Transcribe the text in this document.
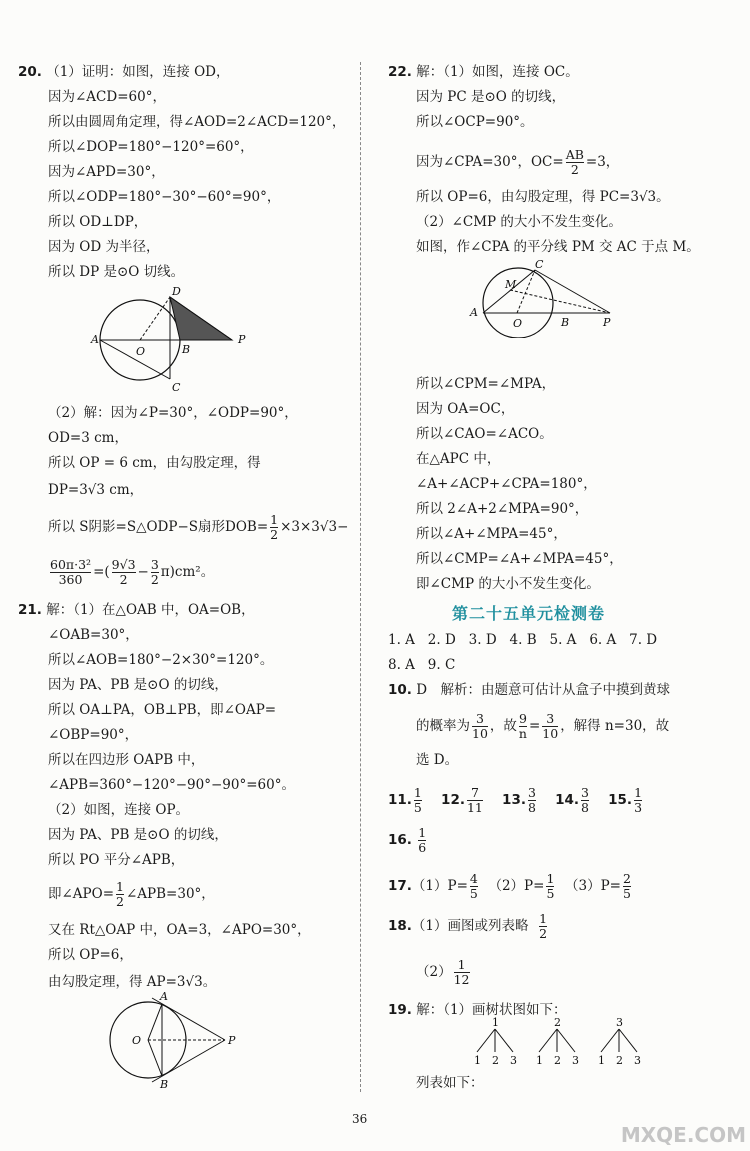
20. （1）证明：如图，连接 OD，
因为∠ACD=60°，
所以由圆周角定理，得∠AOD=2∠ACD=120°，
所以∠DOP=180°−120°=60°，
因为∠APD=30°，
所以∠ODP=180°−30°−60°=90°，
所以 OD⊥DP，
因为 OD 为半径，
所以 DP 是⊙O 切线。
D
A
O	B
P
C
（2）解：因为∠P=30°，∠ODP=90°，
OD=3 cm，
所以 OP = 6 cm，由勾股定理，得
DP=3√3 cm，
所以 S阴影=S△ODP−S扇形$DOB= \frac{1}{2} \times 3\times 3√3-$
$\frac{\text{60π·3²}}{360}$ =( $\frac{9√3}{2} - \frac{3}{2} \pi)cm^2$。
21. 解：（1）在△OAB 中，OA=OB，
∠OAB=30°，
所以∠AOB=180°−2×30°=120°。
因为 PA、PB 是⊙O 的切线，
所以 OA⊥PA，OB⊥PB，即∠OAP=
∠OBP=90°，
所以在四边形 OAPB 中，
∠APB=360°−120°−90°−90°=60°。
（2）如图，连接 OP。
因为 PA、PB 是⊙O 的切线，
所以 PO 平分∠APB，
即∠APO= $\frac{1}{2}$ ∠APB=30°，
又在 Rt△OAP 中，OA=3，∠APO=30°，
所以 OP=6，
由勾股定理，得 AP=3√3。
A
O	P
B
22. 解：（1）如图，连接 OC。
因为 PC 是⊙O 的切线，
所以∠OCP=90°。
因为∠CPA=30°，$OC= \frac{AB}{2} =3$，
所以 OP=6，由勾股定理，得 PC=3√3。
（2）∠CMP 的大小不发生变化。
如图，作∠CPA 的平分线 PM 交 AC 于点 M。
C
M
A
O	B	P
所以∠CPM=∠MPA，
因为 OA=OC，
所以∠CAO=∠ACO。
在△APC 中，
∠A+∠ACP+∠CPA=180°，
所以 2∠A+2∠MPA=90°，
所以∠A+∠MPA=45°，
所以∠CMP=∠A+∠MPA=45°，
即∠CMP 的大小不发生变化。
第二十五单元检测卷
1. A 2. D 3. D 4. B 5. A 6. A 7. D
8. A 9. C
10. D　解析：由题意可估计从盒子中摸到黄球
的概率为 $\frac{3}{10}$ ，故 $\frac{9}{n} = \frac{3}{10}$ ，解得 n=30，故
选 D。
11. $\frac{1}{5} 12$. $\frac{7}{11} 13$. $\frac{3}{8} 14$. $\frac{3}{8} 15$. $\frac{1}{3}$
16. $\frac{1}{6}$
$17.(1)P= \frac{4}{5} (2)P= \frac{1}{5} (3)P= \frac{2}{5}$
18.（1）画图或列表略 $\frac{1}{2}$
$(2) \frac{1}{12}$
19. 解：（1）画树状图如下：
1
1 2 3
2
1 2 3
3
1 2 3
列表如下：
36
MXQE.COM
